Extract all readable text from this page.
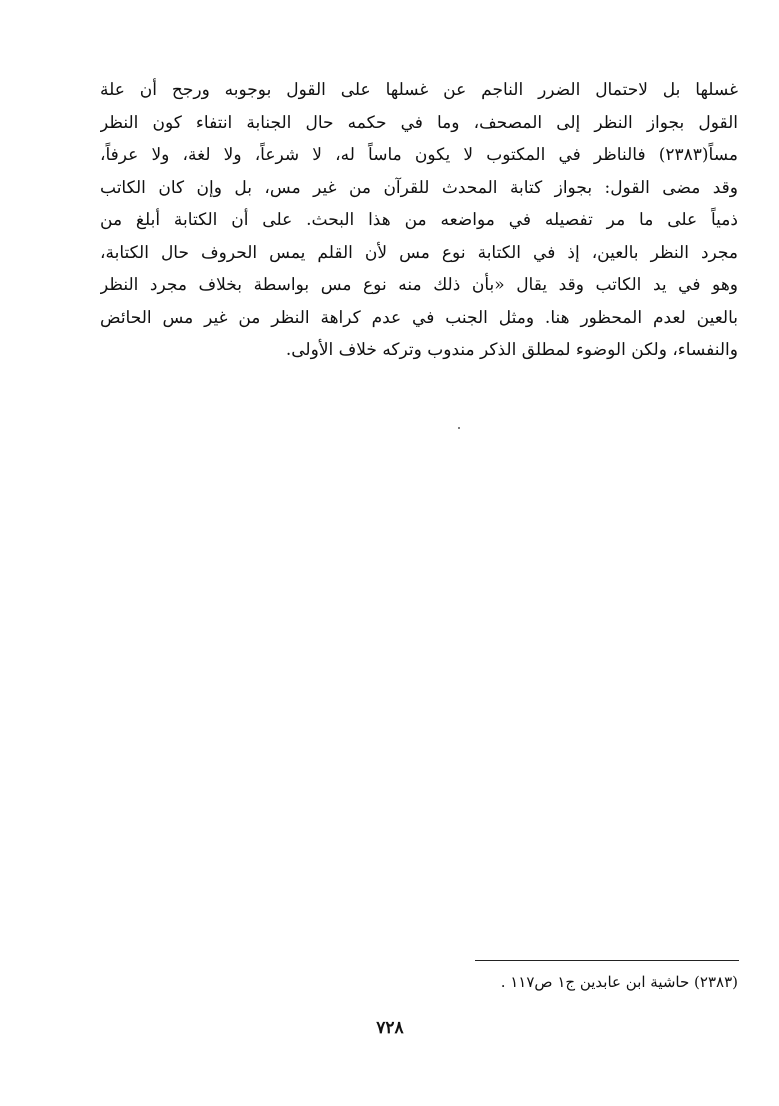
غسلها بل لاحتمال الضرر الناجم عن غسلها على القول بوجوبه ورجح أن علة
القول بجواز النظر إلى المصحف، وما في حكمه حال الجنابة انتفاء كون النظر
مساً(٢٣٨٣) فالناظر في المكتوب لا يكون ماساً له، لا شرعاً، ولا لغة، ولا عرفاً،
وقد مضى القول: بجواز كتابة المحدث للقرآن من غير مس، بل وإن كان الكاتب
ذمياً على ما مر تفصيله في مواضعه من هذا البحث. على أن الكتابة أبلغ من
مجرد النظر بالعين، إذ في الكتابة نوع مس لأن القلم يمس الحروف حال الكتابة،
وهو في يد الكاتب وقد يقال «بأن ذلك منه نوع مس بواسطة بخلاف مجرد النظر
بالعين لعدم المحظور هنا. ومثل الجنب في عدم كراهة النظر من غير مس الحائض
والنفساء، ولكن الوضوء لمطلق الذكر مندوب وتركه خلاف الأولى.
(٢٣٨٣) حاشية ابن عابدين ج١ ص١١٧ .
٧٢٨
